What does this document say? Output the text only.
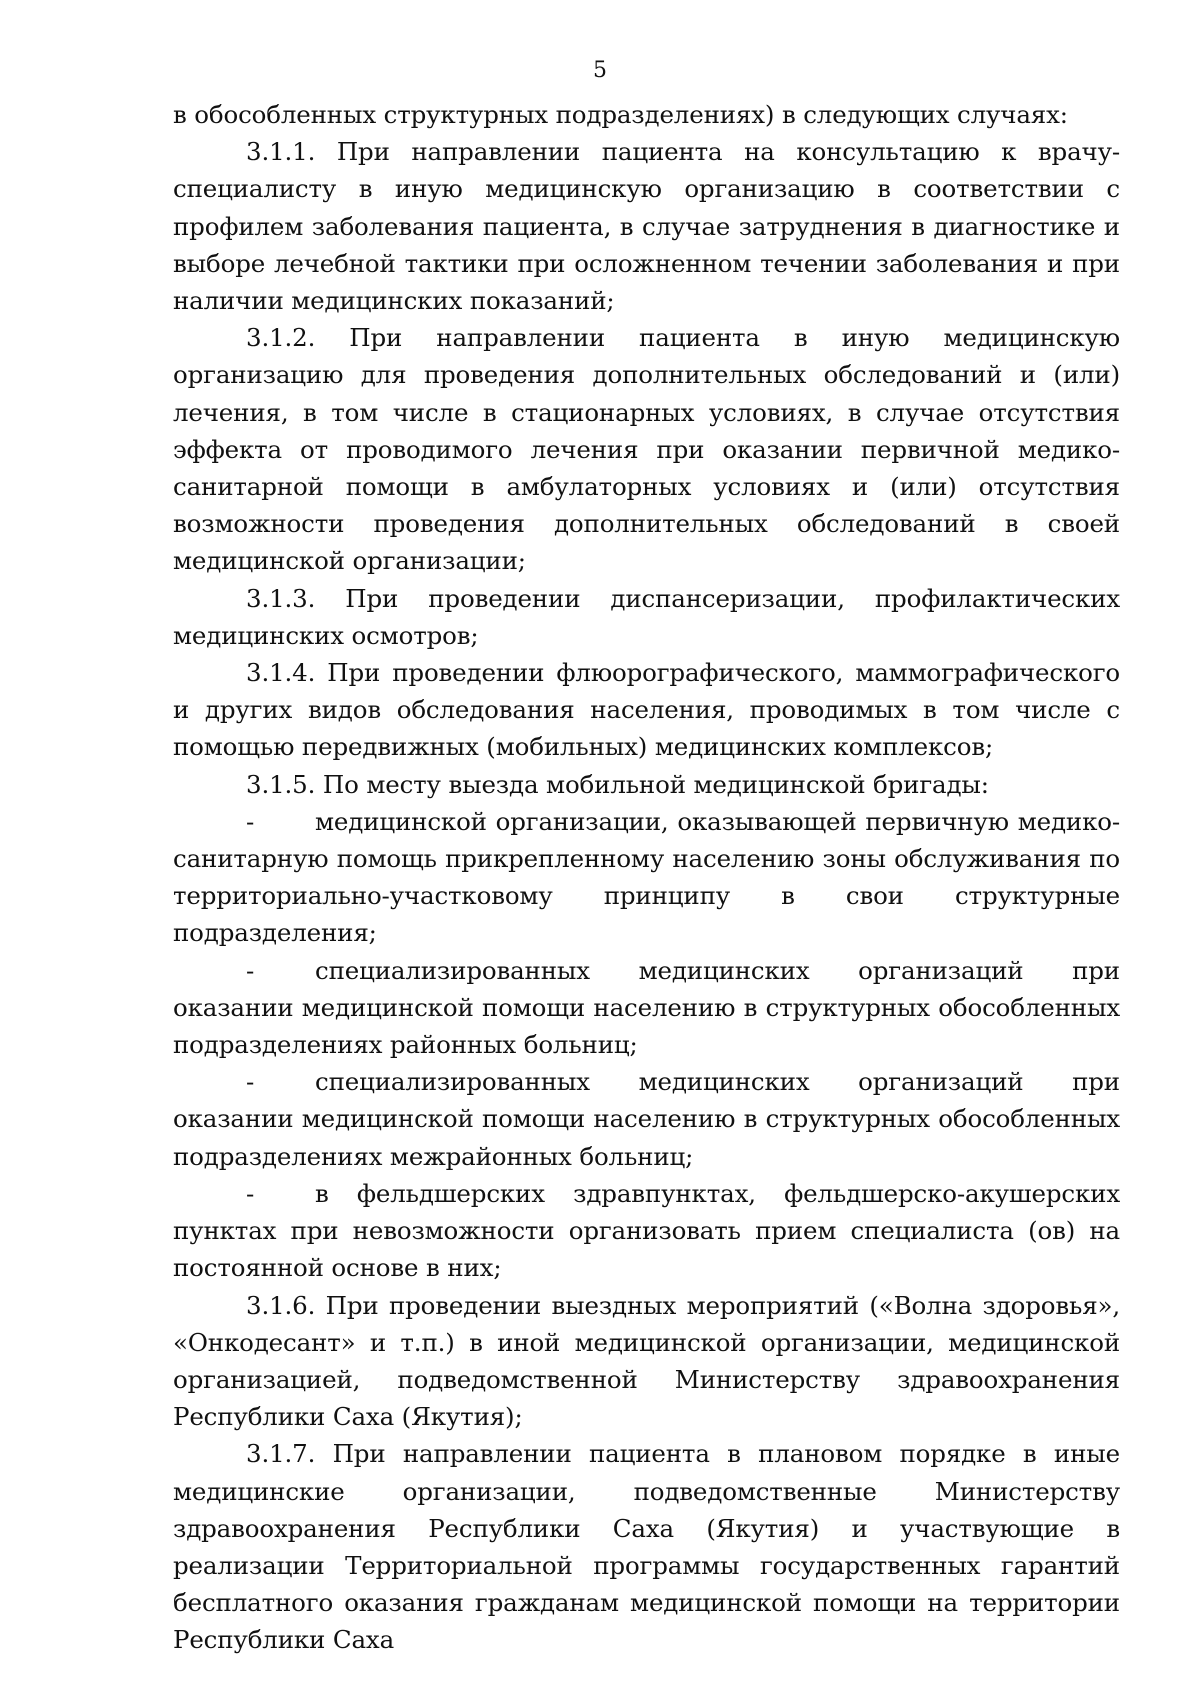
5

в обособленных структурных подразделениях) в следующих случаях:

3.1.1. При направлении пациента на консультацию к врачу-специалисту в иную медицинскую организацию в соответствии с профилем заболевания пациента, в случае затруднения в диагностике и выборе лечебной тактики при осложненном течении заболевания и при наличии медицинских показаний;

3.1.2. При направлении пациента в иную медицинскую организацию для проведения дополнительных обследований и (или) лечения, в том числе в стационарных условиях, в случае отсутствия эффекта от проводимого лечения при оказании первичной медико-санитарной помощи в амбулаторных условиях и (или) отсутствия возможности проведения дополнительных обследований в своей медицинской организации;

3.1.3. При проведении диспансеризации, профилактических медицинских осмотров;

3.1.4. При проведении флюорографического, маммографического и других видов обследования населения, проводимых в том числе с помощью передвижных (мобильных) медицинских комплексов;

3.1.5. По месту выезда мобильной медицинской бригады:

- медицинской организации, оказывающей первичную медико-санитарную помощь прикрепленному населению зоны обслуживания по территориально-участковому принципу в свои структурные подразделения;

- специализированных медицинских организаций при оказании медицинской помощи населению в структурных обособленных подразделениях районных больниц;

- специализированных медицинских организаций при оказании медицинской помощи населению в структурных обособленных подразделениях межрайонных больниц;

- в фельдшерских здравпунктах, фельдшерско-акушерских пунктах при невозможности организовать прием специалиста (ов) на постоянной основе в них;

3.1.6. При проведении выездных мероприятий («Волна здоровья», «Онкодесант» и т.п.) в иной медицинской организации, медицинской организацией, подведомственной Министерству здравоохранения Республики Саха (Якутия);

3.1.7. При направлении пациента в плановом порядке в иные медицинские организации, подведомственные Министерству здравоохранения Республики Саха (Якутия) и участвующие в реализации Территориальной программы государственных гарантий бесплатного оказания гражданам медицинской помощи на территории Республики Саха
